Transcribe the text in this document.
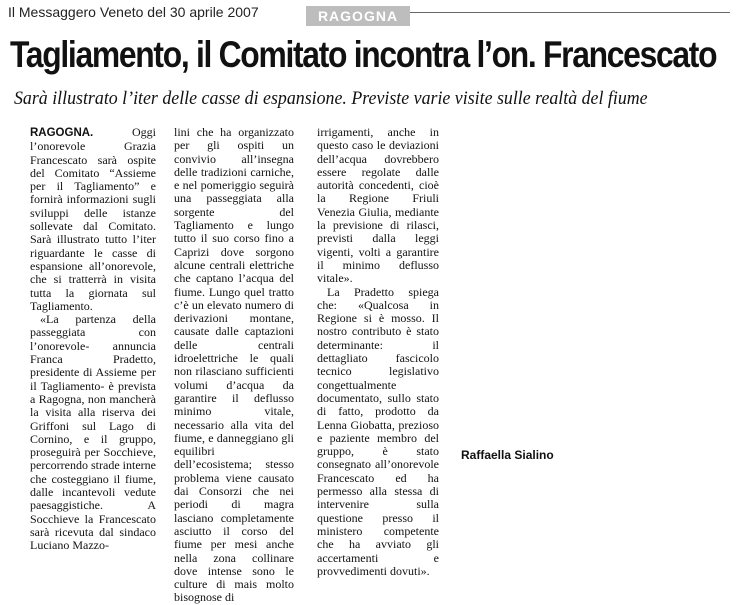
Il Messaggero Veneto del 30 aprile 2007	RAGOGNA
Tagliamento, il Comitato incontra l’on. Francescato
Sarà illustrato l’iter delle casse di espansione. Previste varie visite sulle realtà del fiume

RAGOGNA. Oggi l’onorevole Grazia Francescato sarà ospite del Comitato “Assieme per il Tagliamento” e fornirà informazioni sugli sviluppi delle istanze sollevate dal Comitato. Sarà illustrato tutto l’iter riguardante le casse di espansione all’onorevole, che si tratterrà in visita tutta la giornata sul Tagliamento.

«La partenza della passeggiata con l’onorevole- annuncia Franca Pradetto, presidente di Assieme per il Tagliamento- è prevista a Ragogna, non mancherà la visita alla riserva dei Griffoni sul Lago di Cornino, e il gruppo, proseguirà per Socchieve, percorrendo strade interne che costeggiano il fiume, dalle incantevoli vedute paesaggistiche. A Socchieve la Francescato sarà ricevuta dal sindaco Luciano Mazzo-

lini che ha organizzato per gli ospiti un convivio all’insegna delle tradizioni carniche, e nel pomeriggio seguirà una passeggiata alla sorgente del Tagliamento e lungo tutto il suo corso fino a Caprizi dove sorgono alcune centrali elettriche che captano l’acqua del fiume. Lungo quel tratto c’è un elevato numero di derivazioni montane, causate dalle captazioni delle centrali idroelettriche le quali non rilasciano sufficienti volumi d’acqua da garantire il deflusso minimo vitale, necessario alla vita del fiume, e danneggiano gli equilibri dell’ecosistema; stesso problema viene causato dai Consorzi che nei periodi di magra lasciano completamente asciutto il corso del fiume per mesi anche nella zona collinare dove intense sono le culture di mais molto bisognose di

irrigamenti, anche in questo caso le deviazioni dell’acqua dovrebbero essere regolate dalle autorità concedenti, cioè la Regione Friuli Venezia Giulia, mediante la previsione di rilasci, previsti dalla leggi vigenti, volti a garantire il minimo deflusso vitale».

La Pradetto spiega che: «Qualcosa in Regione si è mosso. Il nostro contributo è stato determinante: il dettagliato fascicolo tecnico legislativo congettualmente documentato, sullo stato di fatto, prodotto da Lenna Giobatta, prezioso e paziente membro del gruppo, è stato consegnato all’onorevole Francescato ed ha permesso alla stessa di intervenire sulla questione presso il ministero competente che ha avviato gli accertamenti e provvedimenti dovuti».

Raffaella Sialino
